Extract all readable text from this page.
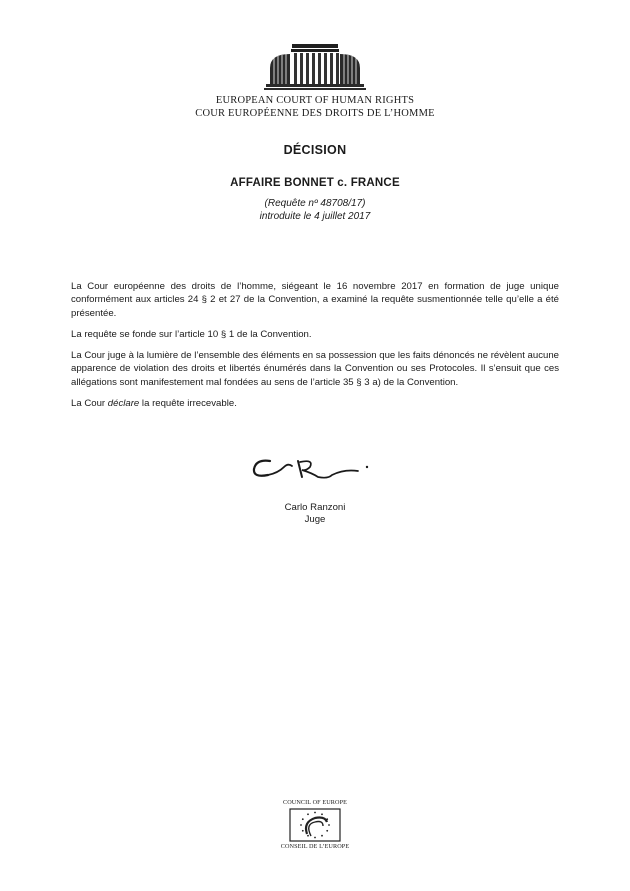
EUROPEAN COURT OF HUMAN RIGHTS
COUR EUROPÉENNE DES DROITS DE L’HOMME
DÉCISION
AFFAIRE BONNET c. FRANCE
(Requête nº 48708/17)
introduite le 4 juillet 2017

La Cour européenne des droits de l’homme, siégeant le 16 novembre 2017 en formation de juge unique conformément aux articles 24 § 2 et 27 de la Convention, a examiné la requête susmentionnée telle qu’elle a été présentée.

La requête se fonde sur l’article 10 § 1 de la Convention.

La Cour juge à la lumière de l’ensemble des éléments en sa possession que les faits dénoncés ne révèlent aucune apparence de violation des droits et libertés énumérés dans la Convention ou ses Protocoles. Il s’ensuit que ces allégations sont manifestement mal fondées au sens de l’article 35 § 3 a) de la Convention.

La Cour déclare la requête irrecevable.

Carlo Ranzoni
Juge
COUNCIL OF EUROPE
CONSEIL DE L’EUROPE
